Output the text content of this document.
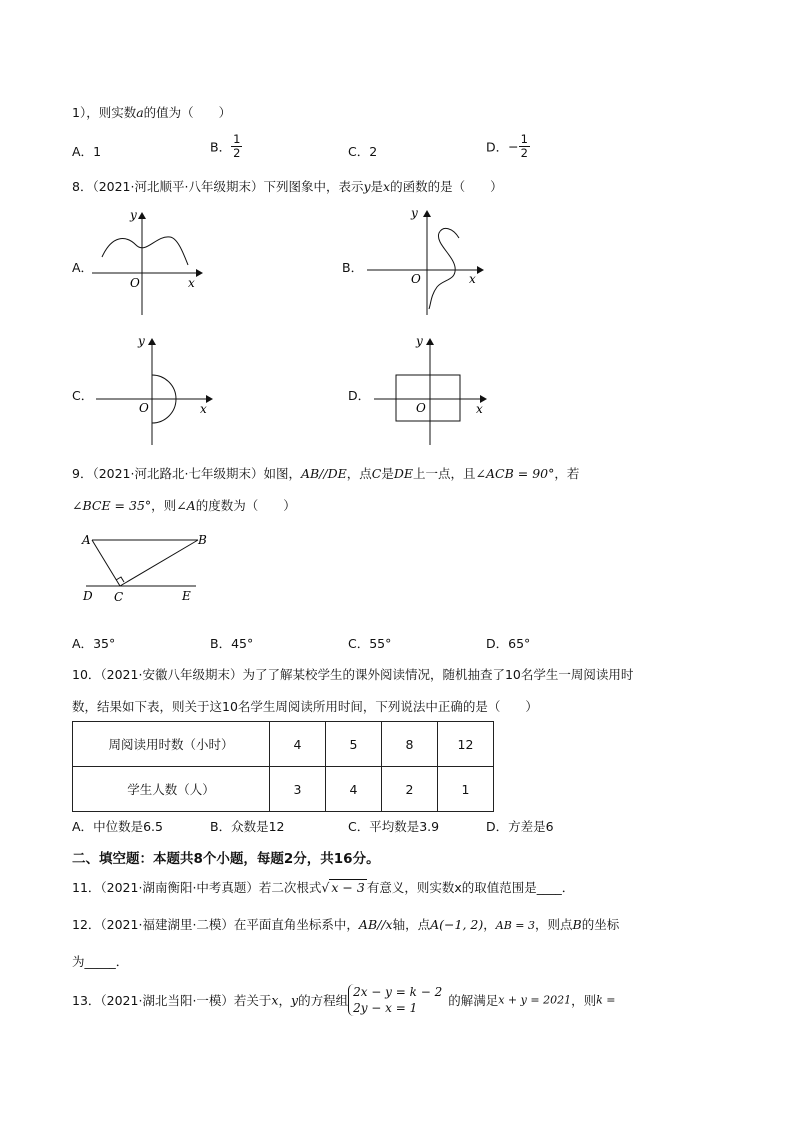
1），则实数a的值为（　　）
A．1	B． $\frac{1}{2}$	C．2	D．− $\frac{1}{2}$
8．（2021·河北顺平·八年级期末）下列图象中，表示y是x的函数的是（　　）
A．	B．
C．	D．
y
O	x
y
O	x
y
O	x
y
O	x
9．（2021·河北路北·七年级期末）如图，AB//DE，点C是DE上一点，且∠ACB = 90°，若
∠BCE = 35°，则∠A的度数为（　　）
A	B
D C	E
A．35°	B．45°	C．55°	D．65°
10．（2021·安徽八年级期末）为了了解某校学生的课外阅读情况，随机抽查了10名学生一周阅读用时
数，结果如下表，则关于这10名学生周阅读所用时间，下列说法中正确的是（　　）
周阅读用时数（小时）	4	5	8	12
学生人数（人）	3	4	2	1
A．中位数是6.5	B．众数是12	C．平均数是3.9	D．方差是6
二、填空题：本题共8个小题，每题2分，共16分。
11．（2021·湖南衡阳·中考真题）若二次根式√ x − 3 有意义，则实数x的取值范围是____．
12．（2021·福建湖里·二模）在平面直角坐标系中，AB//x轴，点A(−1, 2)，AB = 3，则点B的坐标
为_____．
13．（2021·湖北当阳·一模）若关于x，y的方程组
2x − y = k − 2
2y − x = 1	的解满足x + y = 2021，则k =
